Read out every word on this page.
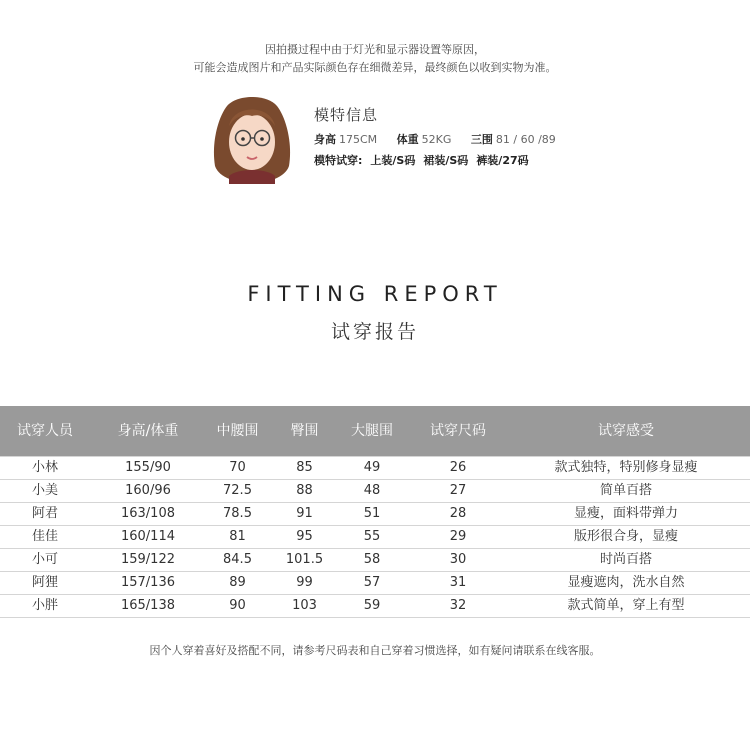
因拍摄过程中由于灯光和显示器设置等原因，
可能会造成图片和产品实际颜色存在细微差异，最终颜色以收到实物为准。
模特信息
身高 175CM 体重 52KG 三围 81 / 60 /89
模特试穿: 上装/S码 裙装/S码 裤装/27码
FITTING REPORT
试穿报告
试穿人员	身高/体重	中腰围	臀围	大腿围	试穿尺码	试穿感受
小林	155/90	70	85	49	26	款式独特，特别修身显瘦
小美	160/96	72.5	88	48	27	简单百搭
阿君	163/108	78.5	91	51	28	显瘦，面料带弹力
佳佳	160/114	81	95	55	29	版形很合身，显瘦
小可	159/122	84.5	101.5	58	30	时尚百搭
阿狸	157/136	89	99	57	31	显瘦遮肉，洗水自然
小胖	165/138	90	103	59	32	款式简单，穿上有型
因个人穿着喜好及搭配不同，请参考尺码表和自己穿着习惯选择，如有疑问请联系在线客服。
